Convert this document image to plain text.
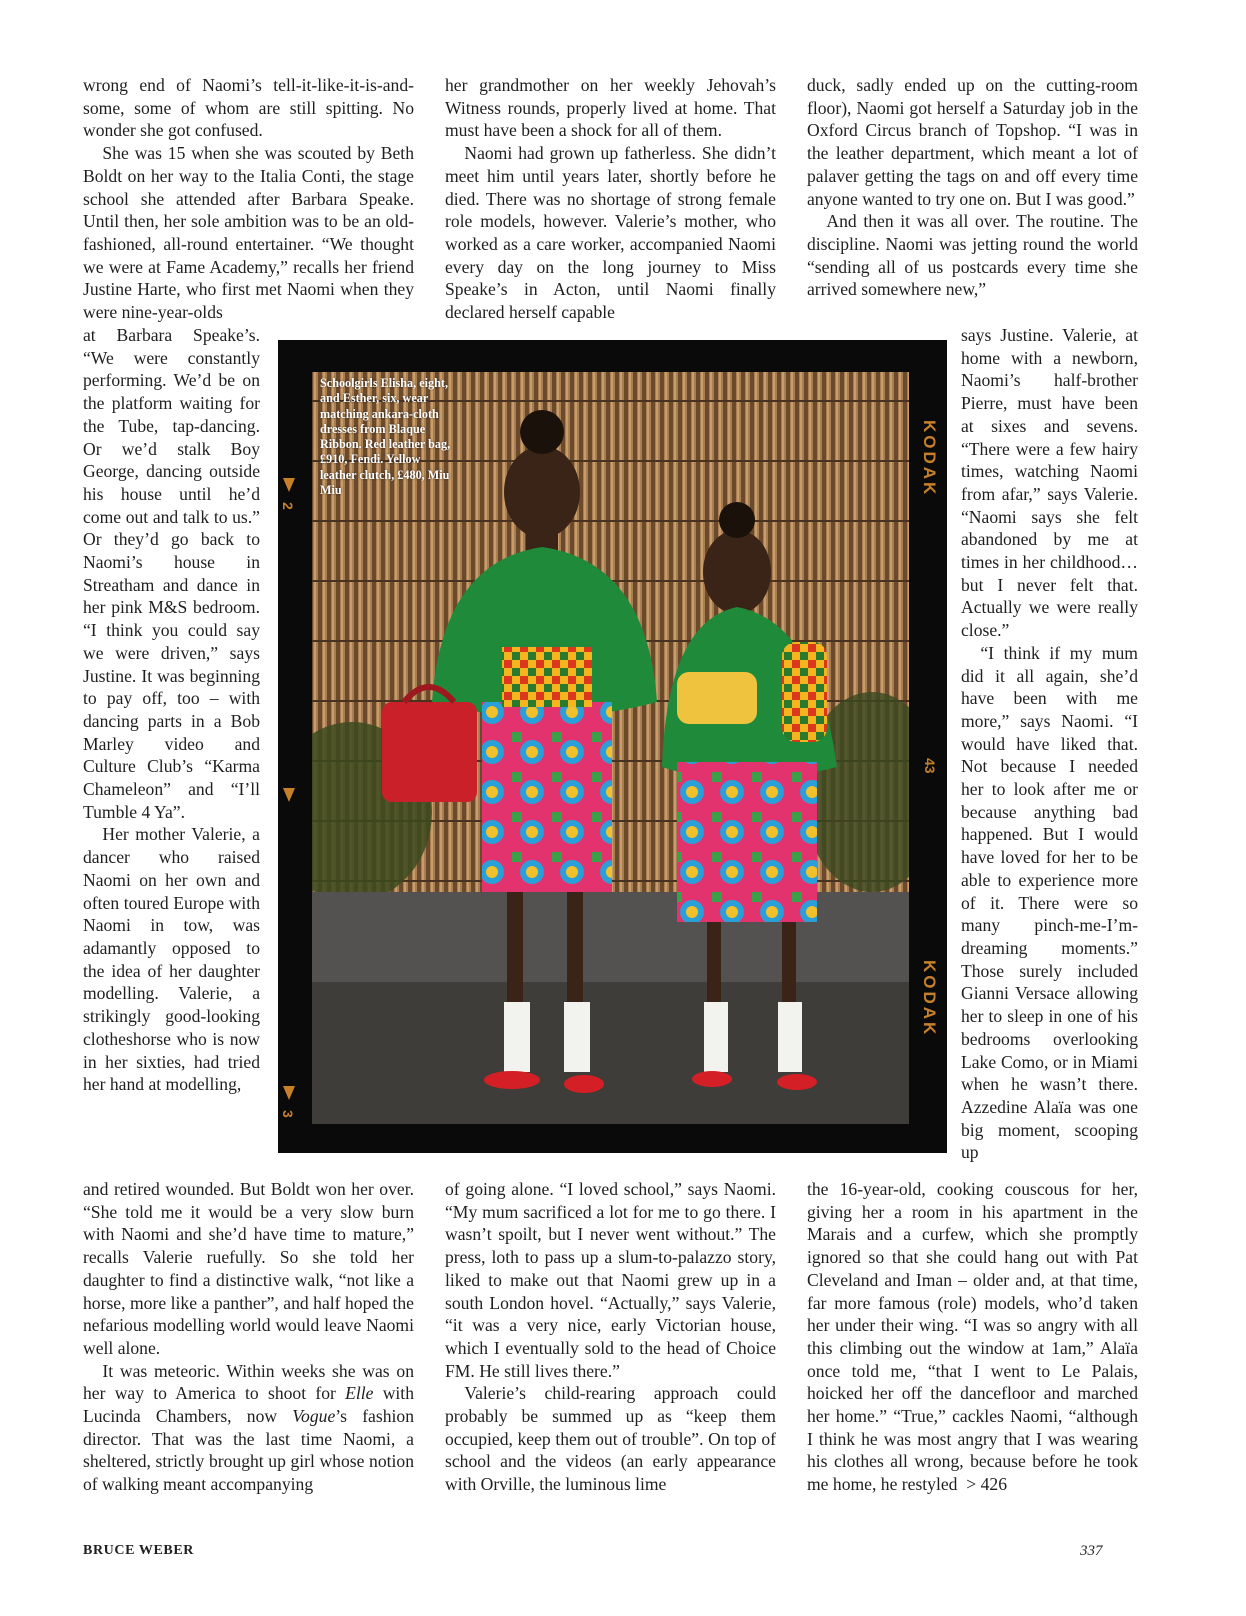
wrong end of Naomi’s tell-it-like-it-is-and-some, some of whom are still spitting. No wonder she got confused.

She was 15 when she was scouted by Beth Boldt on her way to the Italia Conti, the stage school she attended after Barbara Speake. Until then, her sole ambition was to be an old-fashioned, all-round entertainer. “We thought we were at Fame Academy,” recalls her friend Justine Harte, who first met Naomi when they were nine-year-olds

at Barbara Speake’s. “We were constantly performing. We’d be on the platform waiting for the Tube, tap-dancing. Or we’d stalk Boy George, dancing outside his house until he’d come out and talk to us.” Or they’d go back to Naomi’s house in Streatham and dance in her pink M&S bedroom. “I think you could say we were driven,” says Justine. It was beginning to pay off, too – with dancing parts in a Bob Marley video and Culture Club’s “Karma Chameleon” and “I’ll Tumble 4 Ya”.

Her mother Valerie, a dancer who raised Naomi on her own and often toured Europe with Naomi in tow, was adamantly opposed to the idea of her daughter modelling. Valerie, a strikingly good-looking clotheshorse who is now in her sixties, had tried her hand at modelling,

and retired wounded. But Boldt won her over. “She told me it would be a very slow burn with Naomi and she’d have time to mature,” recalls Valerie ruefully. So she told her daughter to find a distinctive walk, “not like a horse, more like a panther”, and half hoped the nefarious modelling world would leave Naomi well alone.

It was meteoric. Within weeks she was on her way to America to shoot for Elle with Lucinda Chambers, now Vogue’s fashion director. That was the last time Naomi, a sheltered, strictly brought up girl whose notion of walking meant accompanying

her grandmother on her weekly Jehovah’s Witness rounds, properly lived at home. That must have been a shock for all of them.

Naomi had grown up fatherless. She didn’t meet him until years later, shortly before he died. There was no shortage of strong female role models, however. Valerie’s mother, who worked as a care worker, accompanied Naomi every day on the long journey to Miss Speake’s in Acton, until Naomi finally declared herself capable

of going alone. “I loved school,” says Naomi. “My mum sacrificed a lot for me to go there. I wasn’t spoilt, but I never went without.” The press, loth to pass up a slum-to-palazzo story, liked to make out that Naomi grew up in a south London hovel. “Actually,” says Valerie, “it was a very nice, early Victorian house, which I eventually sold to the head of Choice FM. He still lives there.”

Valerie’s child-rearing approach could probably be summed up as “keep them occupied, keep them out of trouble”. On top of school and the videos (an early appearance with Orville, the luminous lime

duck, sadly ended up on the cutting-room floor), Naomi got herself a Saturday job in the Oxford Circus branch of Topshop. “I was in the leather department, which meant a lot of palaver getting the tags on and off every time anyone wanted to try one on. But I was good.”

And then it was all over. The routine. The discipline. Naomi was jetting round the world “sending all of us postcards every time she arrived somewhere new,”

says Justine. Valerie, at home with a newborn, Naomi’s half-brother Pierre, must have been at sixes and sevens. “There were a few hairy times, watching Naomi from afar,” says Valerie. “Naomi says she felt abandoned by me at times in her childhood… but I never felt that. Actually we were really close.”

“I think if my mum did it all again, she’d have been with me more,” says Naomi. “I would have liked that. Not because I needed her to look after me or because anything bad happened. But I would have loved for her to be able to experience more of it. There were so many pinch-me-I’m-dreaming moments.” Those surely included Gianni Versace allowing her to sleep in one of his bedrooms overlooking Lake Como, or in Miami when he wasn’t there. Azzedine Alaïa was one big moment, scooping up

the 16-year-old, cooking couscous for her, giving her a room in his apartment in the Marais and a curfew, which she promptly ignored so that she could hang out with Pat Cleveland and Iman – older and, at that time, far more famous (role) models, who’d taken her under their wing. “I was so angry with all this climbing out the window at 1am,” Alaïa once told me, “that I went to Le Palais, hoicked her off the dancefloor and marched her home.” “True,” cackles Naomi, “although I think he was most angry that I was wearing his clothes all wrong, because before he took me home, he restyled > 426

2
3
KODAK
43
KODAK
Schoolgirls Elisha, eight, and Esther, six, wear matching ankara-cloth dresses from Blaque Ribbon. Red leather bag, £910, Fendi. Yellow leather clutch, £480, Miu Miu
BRUCE WEBER	337
